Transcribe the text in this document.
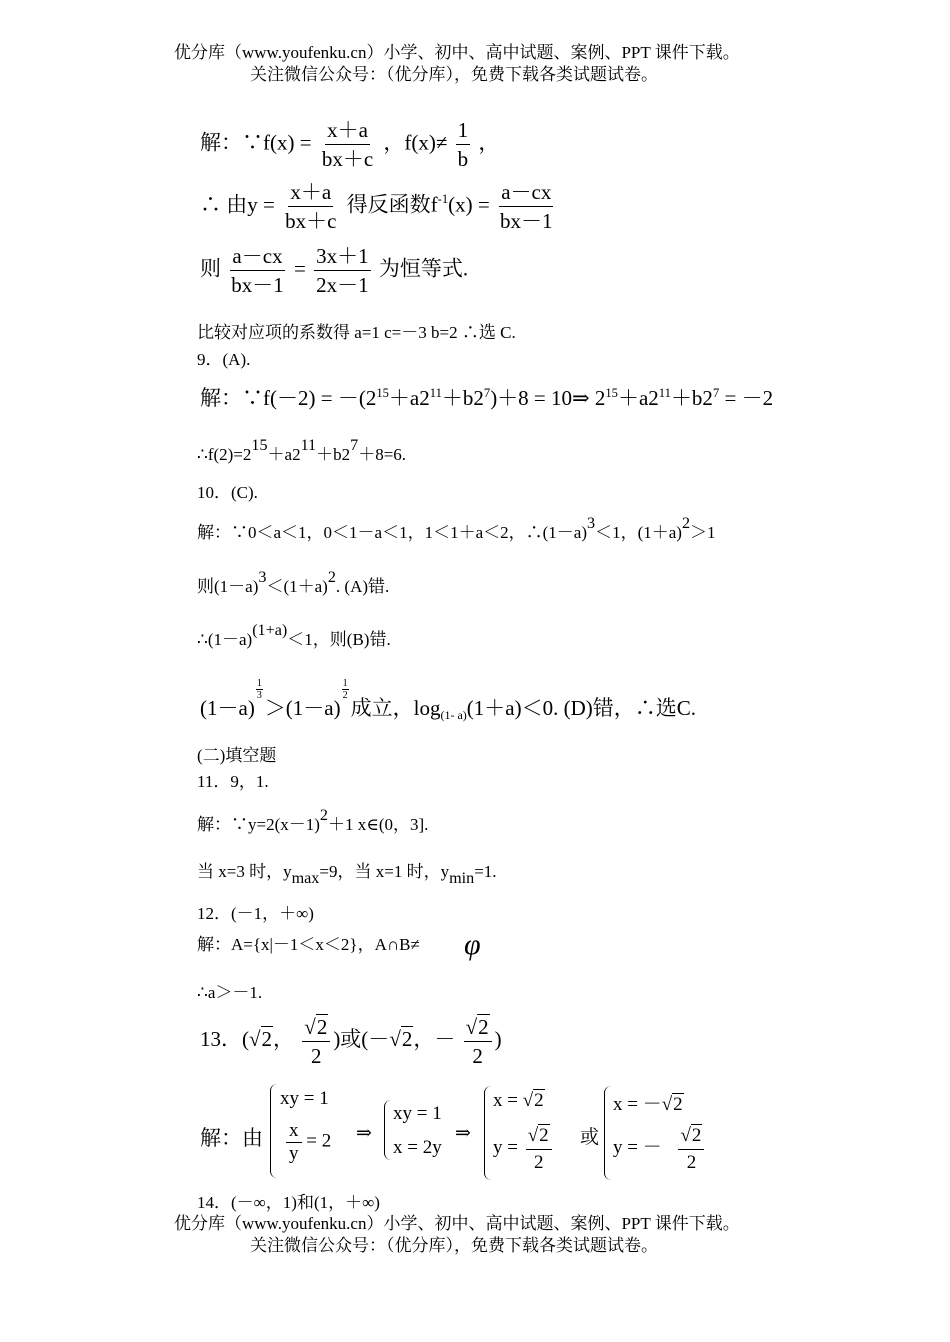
优分库（www.youfenku.cn）小学、初中、高中试题、案例、PPT 课件下载。
关注微信公众号：（优分库），免费下载各类试题试卷。
解：∵f(x) = $\frac{x+a}{bx+c}$ ，$f(x)\ne \frac{1}{b}$ ，
∴ 由$y = \frac{x+a}{bx+c}$ 得反函数$f^{-1}(x) = \frac{a-cx}{bx-1}$
则 $\frac{a-cx}{bx-1} = \frac{3x+1}{2x-1}$ 为恒等式.
比较对应项的系数得 a=1 c=－3 b=2 ∴选 C.
9．(A).
解：∵f(－2) = $-(2^{15}+a2^{11}+b2^7)+8$ = 10⇒ $2^{15}+a2^{11}+b2^7 = -2$
∴f(2)=215＋a211＋b27＋8=6.
10．(C).
解：∵0＜a＜1，0＜1－a＜1，1＜1＋a＜2，∴(1－a)3＜1，(1＋a)2＞1
则(1－a)3＜(1＋a)2. (A)错.
∴(1－a)(1+a)＜1，则(B)错.
(1－a)
$\frac{1}{3}$
＞(1－a)
$\frac{1}{2}$
成立，$\log_{(1- a)}(1+a)<0$. (D)错，∴选C.
(二)填空题
11．9，1.
解：∵y=2(x－1)2＋1 x∈(0，3].
当 x=3 时，ymax=9，当 x=1 时，ymin=1.
12．(－1，＋∞)
解：A={x|－1＜x＜2}，A∩B≠ φ
∴a＞－1.
13．(√2， $\frac{√2}{2}$ )或(－√2，－ $\frac{√2}{2}$ )
解：由
xy = 1
$\frac{x}{y} = 2$ ⇒
xy = 1
x = 2y
⇒
x = √2
$y = \frac{√2}{2}$ 或
x = －√2
y = － $\frac{√2}{2}$
14．(－∞，1)和(1，＋∞)
优分库（www.youfenku.cn）小学、初中、高中试题、案例、PPT 课件下载。
关注微信公众号：（优分库），免费下载各类试题试卷。
